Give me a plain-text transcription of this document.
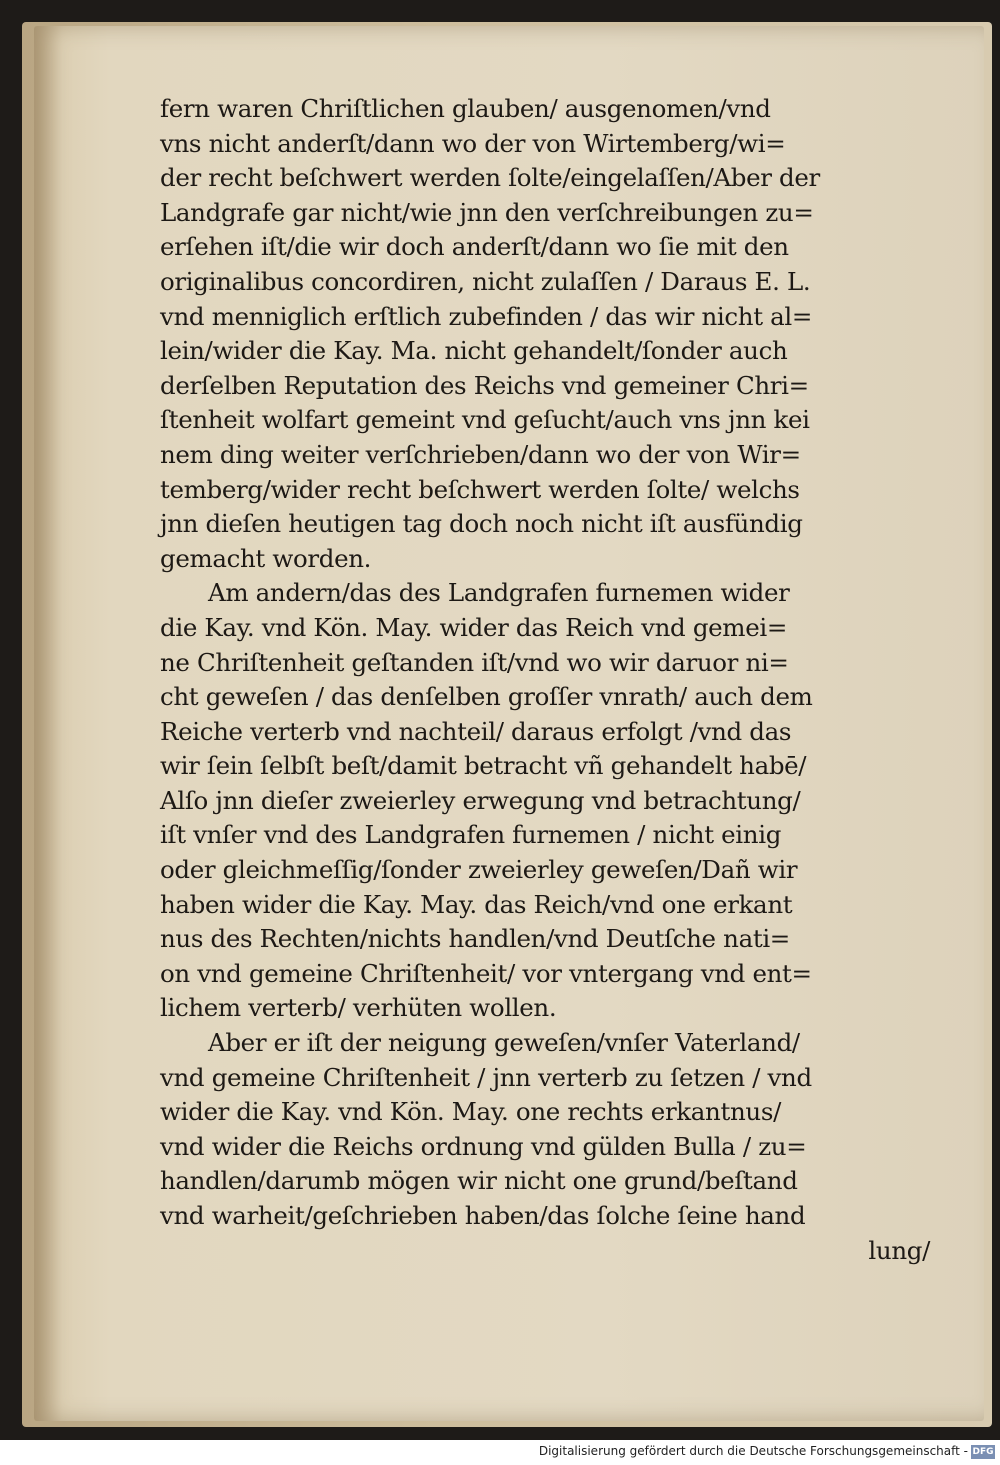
fern waren Chriſtlichen glauben/ ausgenomen/vnd
vns nicht anderſt/dann wo der von Wirtemberg/wi=
der recht beſchwert werden ſolte/eingelaſſen/Aber der
Landgrafe gar nicht/wie jnn den verſchreibungen zu=
erſehen iſt/die wir doch anderſt/dann wo ſie mit den
originalibus concordiren, nicht zulaſſen / Daraus E. L.
vnd menniglich erſtlich zubefinden / das wir nicht al=
lein/wider die Kay. Ma. nicht gehandelt/ſonder auch
derſelben Reputation des Reichs vnd gemeiner Chri=
ſtenheit wolfart gemeint vnd geſucht/auch vns jnn kei
nem ding weiter verſchrieben/dann wo der von Wir=
temberg/wider recht beſchwert werden ſolte/ welchs
jnn dieſen heutigen tag doch noch nicht iſt ausfündig
gemacht worden.
Am andern/das des Landgrafen furnemen wider
die Kay. vnd Kön. May. wider das Reich vnd gemei=
ne Chriſtenheit geſtanden iſt/vnd wo wir daruor ni=
cht geweſen / das denſelben groſſer vnrath/ auch dem
Reiche verterb vnd nachteil/ daraus erfolgt /vnd das
wir ſein ſelbſt beſt/damit betracht vñ gehandelt habē/
Alſo jnn dieſer zweierley erwegung vnd betrachtung/
iſt vnſer vnd des Landgrafen furnemen / nicht einig
oder gleichmeſſig/ſonder zweierley geweſen/Dañ wir
haben wider die Kay. May. das Reich/vnd one erkant
nus des Rechten/nichts handlen/vnd Deutſche nati=
on vnd gemeine Chriſtenheit/ vor vntergang vnd ent=
lichem verterb/ verhüten wollen.
Aber er iſt der neigung geweſen/vnſer Vaterland/
vnd gemeine Chriſtenheit / jnn verterb zu ſetzen / vnd
wider die Kay. vnd Kön. May. one rechts erkantnus/
vnd wider die Reichs ordnung vnd gülden Bulla / zu=
handlen/darumb mögen wir nicht one grund/beſtand
vnd warheit/geſchrieben haben/das ſolche ſeine hand
lung/
Digitalisierung gefördert durch die Deutsche Forschungsgemeinschaft - DFG
